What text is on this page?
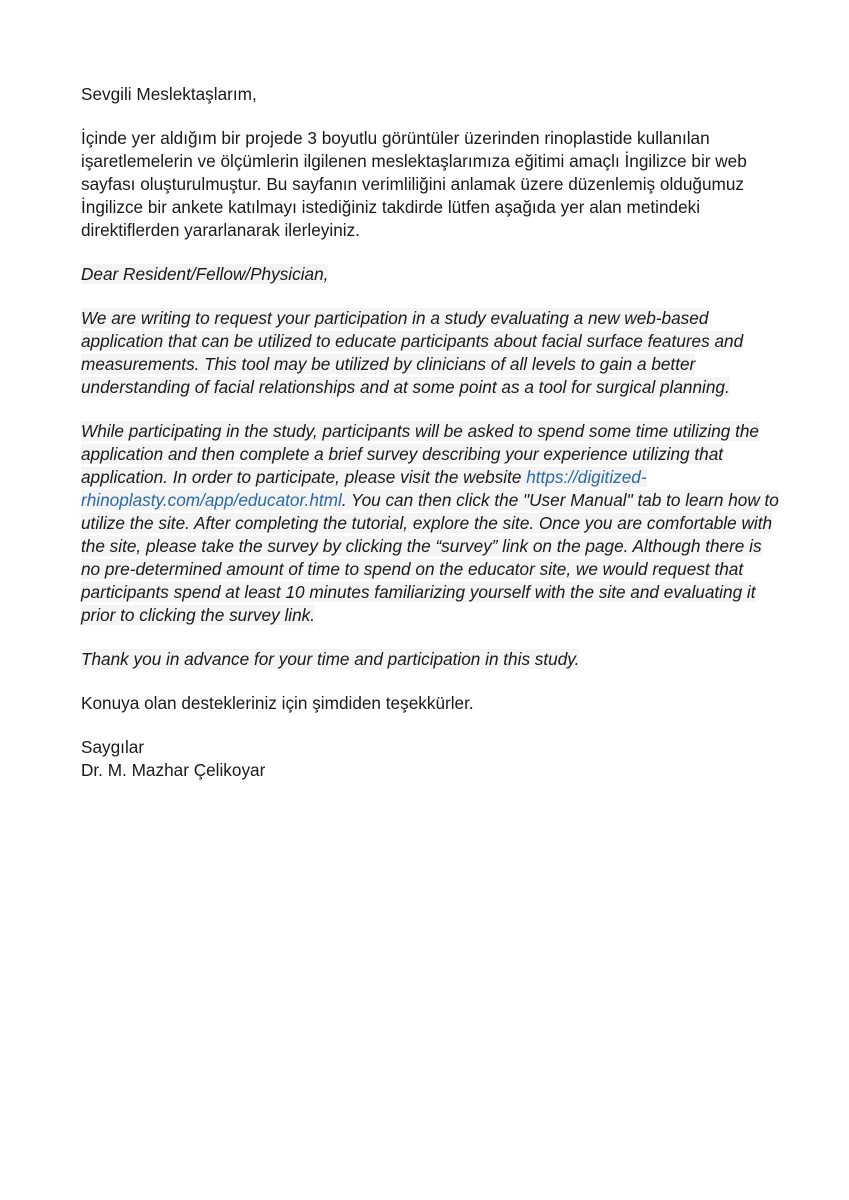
Sevgili Meslektaşlarım,

İçinde yer aldığım bir projede 3 boyutlu görüntüler üzerinden rinoplastide kullanılan işaretlemelerin ve ölçümlerin ilgilenen meslektaşlarımıza eğitimi amaçlı İngilizce bir web sayfası oluşturulmuştur. Bu sayfanın verimliliğini anlamak üzere düzenlemiş olduğumuz İngilizce bir ankete katılmayı istediğiniz takdirde lütfen aşağıda yer alan metindeki direktiflerden yararlanarak ilerleyiniz.

Dear Resident/Fellow/Physician,

We are writing to request your participation in a study evaluating a new web-based application that can be utilized to educate participants about facial surface features and measurements. This tool may be utilized by clinicians of all levels to gain a better understanding of facial relationships and at some point as a tool for surgical planning.

While participating in the study, participants will be asked to spend some time utilizing the application and then complete a brief survey describing your experience utilizing that application. In order to participate, please visit the website https://digitized-rhinoplasty.com/app/educator.html. You can then click the "User Manual" tab to learn how to utilize the site. After completing the tutorial, explore the site. Once you are comfortable with the site, please take the survey by clicking the “survey” link on the page. Although there is no pre-determined amount of time to spend on the educator site, we would request that participants spend at least 10 minutes familiarizing yourself with the site and evaluating it prior to clicking the survey link.

Thank you in advance for your time and participation in this study.

Konuya olan destekleriniz için şimdiden teşekkürler.

Saygılar

Dr. M. Mazhar Çelikoyar
